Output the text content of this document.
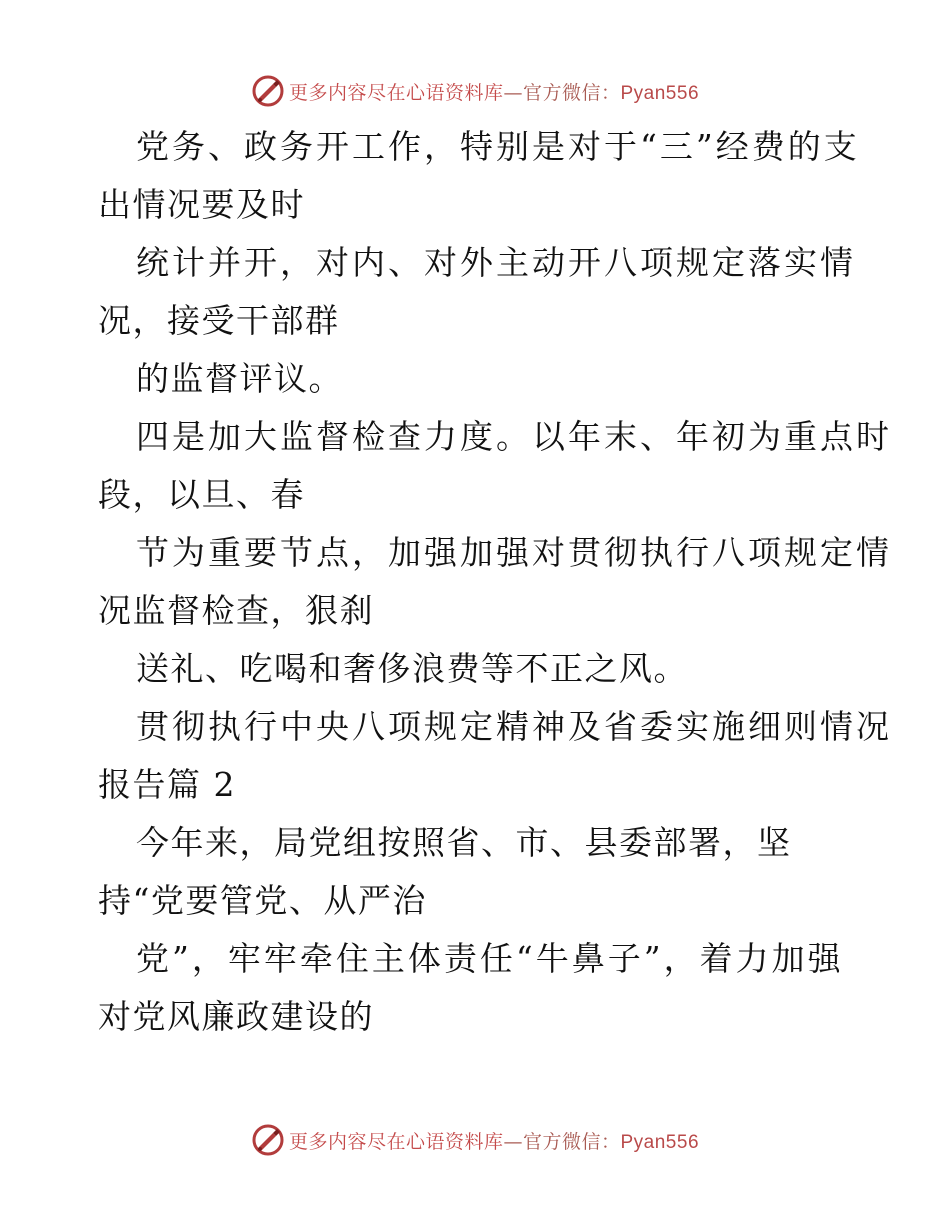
更多内容尽在心语资料库—官方微信：Pyan556
党务、政务开工作，特别是对于“三”经费的支
出情况要及时
统计并开，对内、对外主动开八项规定落实情
况，接受干部群
的监督评议。
四是加大监督检查力度。以年末、年初为重点时
段，以旦、春
节为重要节点，加强加强对贯彻执行八项规定情
况监督检查，狠刹
送礼、吃喝和奢侈浪费等不正之风。
贯彻执行中央八项规定精神及省委实施细则情况
报告篇 2
今年来，局党组按照省、市、县委部署，坚
持“党要管党、从严治
党”，牢牢牵住主体责任“牛鼻子”，着力加强
对党风廉政建设的
更多内容尽在心语资料库—官方微信：Pyan556
